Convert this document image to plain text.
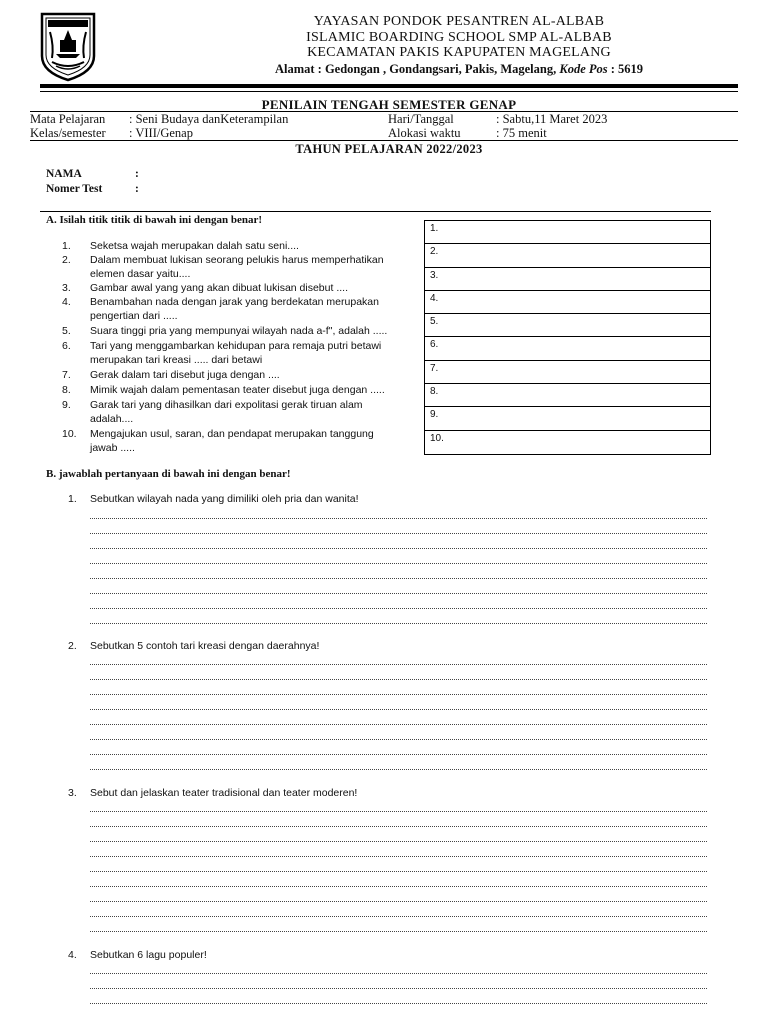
YAYASAN PONDOK PESANTREN AL-ALBAB
ISLAMIC BOARDING SCHOOL SMP AL-ALBAB
KECAMATAN PAKIS KAPUPATEN MAGELANG
Alamat : Gedongan , Gondangsari, Pakis, Magelang, Kode Pos : 5619
PENILAIN TENGAH SEMESTER GENAP
Mata Pelajaran : Seni Budaya danKeterampilan	Hari/Tanggal	: Sabtu,11 Maret 2023
Kelas/semester : VIII/Genap	Alokasi waktu	: 75 menit
TAHUN PELAJARAN 2022/2023
NAMA	:
Nomer Test	:
A. Isilah titik titik di bawah ini dengan benar!
1.	Seketsa wajah merupakan dalah satu seni....
2.	Dalam membuat lukisan seorang pelukis harus memperhatikan elemen dasar yaitu....
3.	Gambar awal yang yang akan dibuat lukisan disebut ....
4.	Benambahan nada dengan jarak yang berdekatan merupakan pengertian dari .....
5.	Suara tinggi pria yang mempunyai wilayah nada a-f", adalah .....
6.	Tari yang menggambarkan kehidupan para remaja putri betawi merupakan tari kreasi ..... dari betawi
7.	Gerak dalam tari disebut juga dengan ....
8.	Mimik wajah dalam pementasan teater disebut juga dengan .....
9.	Garak tari yang dihasilkan dari expolitasi gerak tiruan alam adalah....
10.	Mengajukan usul, saran, dan pendapat merupakan tanggung jawab .....
1.
2.
3.
4.
5.
6.
7.
8.
9.
10.
B. jawablah pertanyaan di bawah ini dengan benar!
1. Sebutkan wilayah nada yang dimiliki oleh pria dan wanita!
2. Sebutkan 5 contoh tari kreasi dengan daerahnya!
3. Sebut dan jelaskan teater tradisional dan teater moderen!
4. Sebutkan 6 lagu populer!
